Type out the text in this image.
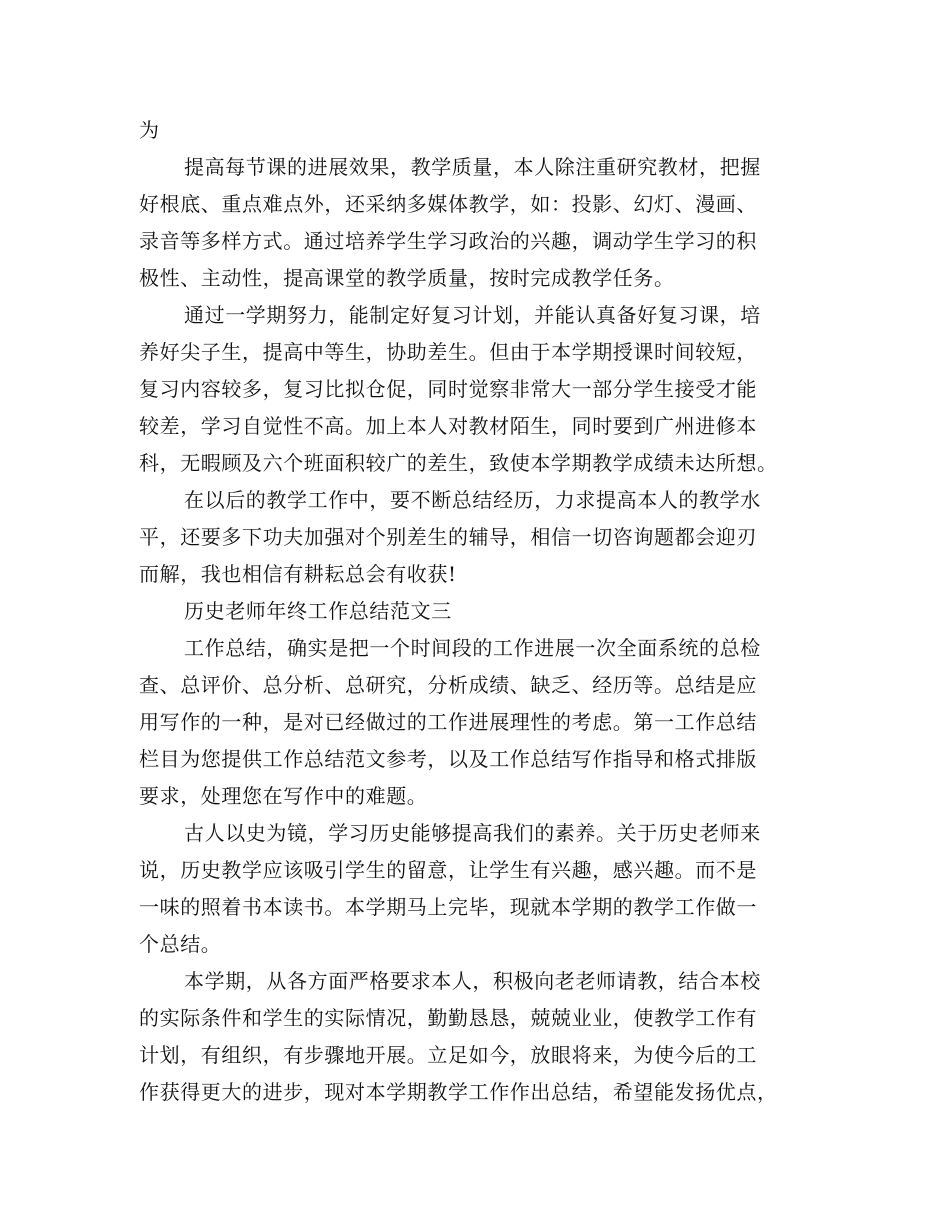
为
提高每节课的进展效果，教学质量，本人除注重研究教材，把握
好根底、重点难点外，还采纳多媒体教学，如：投影、幻灯、漫画、
录音等多样方式。通过培养学生学习政治的兴趣，调动学生学习的积
极性、主动性，提高课堂的教学质量，按时完成教学任务。
通过一学期努力，能制定好复习计划，并能认真备好复习课，培
养好尖子生，提高中等生，协助差生。但由于本学期授课时间较短，
复习内容较多，复习比拟仓促，同时觉察非常大一部分学生接受才能
较差，学习自觉性不高。加上本人对教材陌生，同时要到广州进修本
科，无暇顾及六个班面积较广的差生，致使本学期教学成绩未达所想。
在以后的教学工作中，要不断总结经历，力求提高本人的教学水
平，还要多下功夫加强对个别差生的辅导，相信一切咨询题都会迎刃
而解，我也相信有耕耘总会有收获!
历史老师年终工作总结范文三
工作总结，确实是把一个时间段的工作进展一次全面系统的总检
查、总评价、总分析、总研究，分析成绩、缺乏、经历等。总结是应
用写作的一种，是对已经做过的工作进展理性的考虑。第一工作总结
栏目为您提供工作总结范文参考，以及工作总结写作指导和格式排版
要求，处理您在写作中的难题。
古人以史为镜，学习历史能够提高我们的素养。关于历史老师来
说，历史教学应该吸引学生的留意，让学生有兴趣，感兴趣。而不是
一味的照着书本读书。本学期马上完毕，现就本学期的教学工作做一
个总结。
本学期，从各方面严格要求本人，积极向老老师请教，结合本校
的实际条件和学生的实际情况，勤勤恳恳，兢兢业业，使教学工作有
计划，有组织，有步骤地开展。立足如今，放眼将来，为使今后的工
作获得更大的进步，现对本学期教学工作作出总结，希望能发扬优点，
